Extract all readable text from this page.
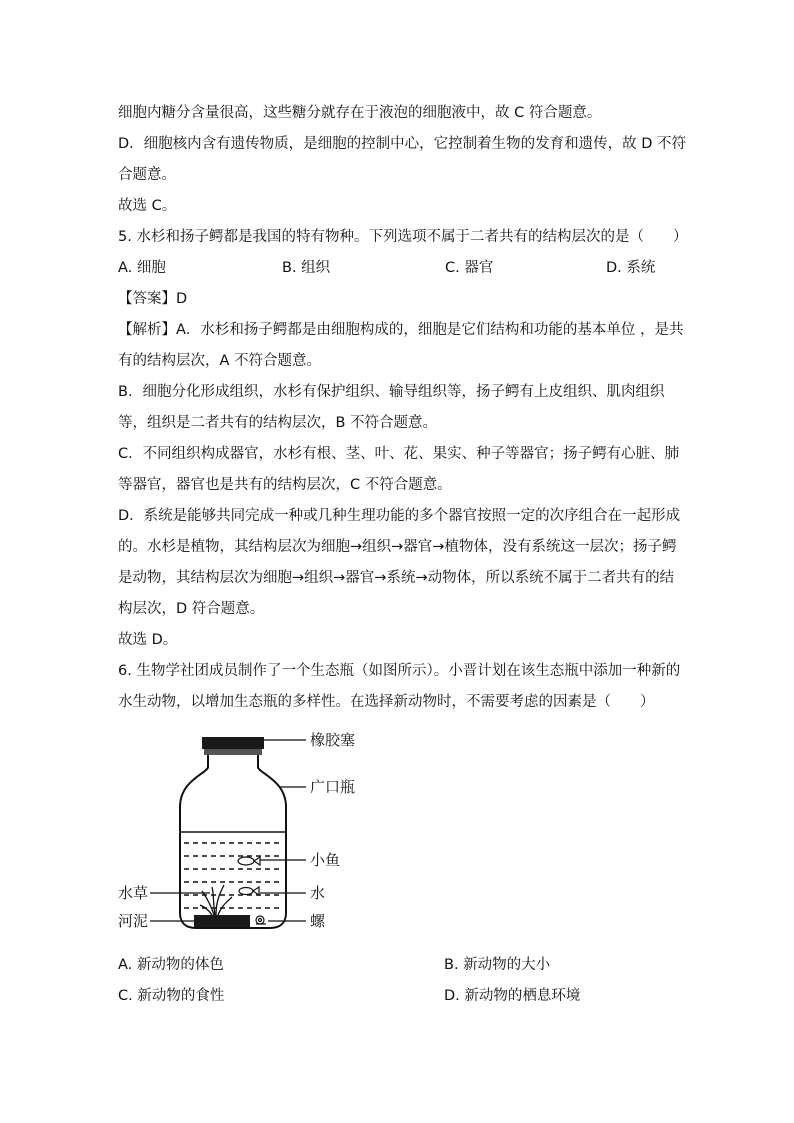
细胞内糖分含量很高，这些糖分就存在于液泡的细胞液中，故 C 符合题意。
D．细胞核内含有遗传物质，是细胞的控制中心，它控制着生物的发育和遗传，故 D 不符
合题意。
故选 C。
5. 水杉和扬子鳄都是我国的特有物种。下列选项不属于二者共有的结构层次的是（　　）
A. 细胞	B. 组织	C. 器官	D. 系统
【答案】D
【解析】A．水杉和扬子鳄都是由细胞构成的，细胞是它们结构和功能的基本单位 ，是共
有的结构层次，A 不符合题意。
B．细胞分化形成组织，水杉有保护组织、输导组织等，扬子鳄有上皮组织、肌肉组织
等，组织是二者共有的结构层次，B 不符合题意。
C．不同组织构成器官，水杉有根、茎、叶、花、果实、种子等器官；扬子鳄有心脏、肺
等器官，器官也是共有的结构层次，C 不符合题意。
D．系统是能够共同完成一种或几种生理功能的多个器官按照一定的次序组合在一起形成
的。水杉是植物，其结构层次为细胞→组织→器官→植物体，没有系统这一层次；扬子鳄
是动物，其结构层次为细胞→组织→器官→系统→动物体，所以系统不属于二者共有的结
构层次，D 符合题意。
故选 D。
6. 生物学社团成员制作了一个生态瓶（如图所示）。小晋计划在该生态瓶中添加一种新的
水生动物，以增加生态瓶的多样性。在选择新动物时，不需要考虑的因素是（　　）
橡胶塞
广口瓶
小鱼
水
螺
水草
河泥
A. 新动物的体色	B. 新动物的大小
C. 新动物的食性	D. 新动物的栖息环境
